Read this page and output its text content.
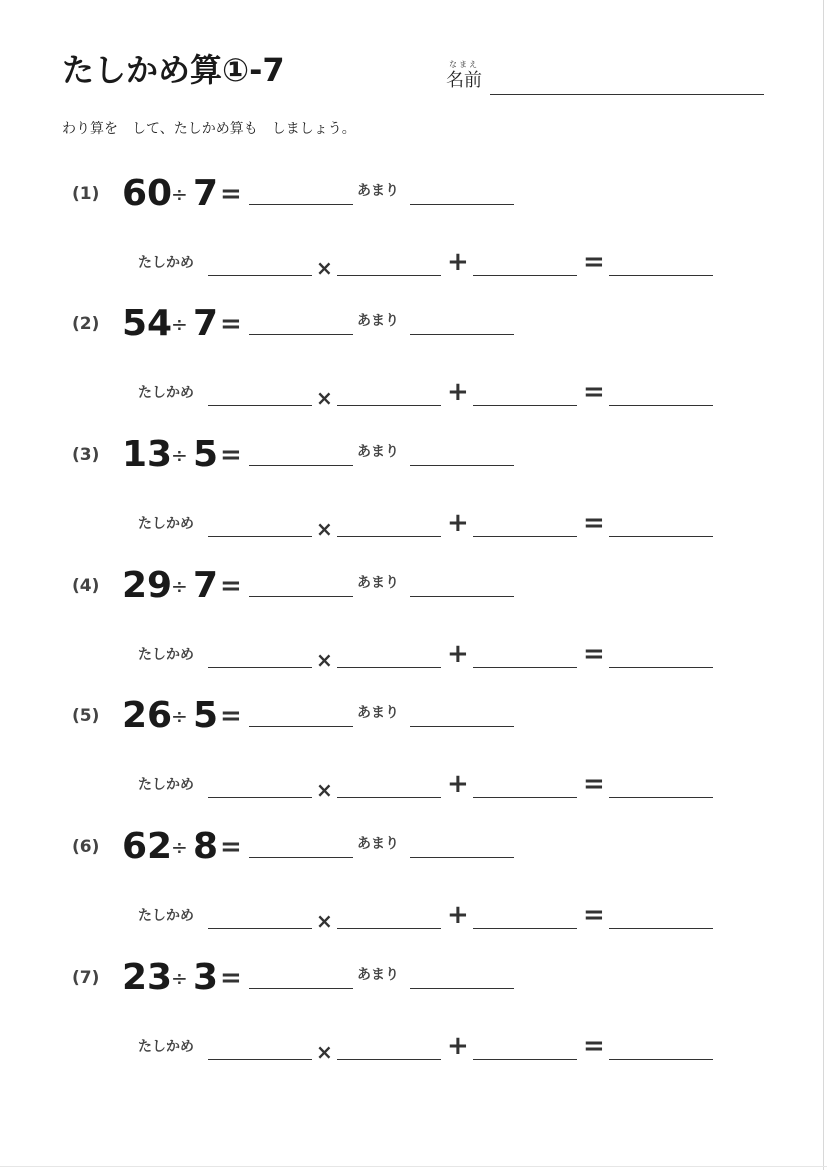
たしかめ算①-7	なまえ
名前
わり算を　して、たしかめ算も　しましょう。
(1) 60
÷ 7 =	あまり
たしかめ	×	+	=
(2) 54
÷ 7 =	あまり
たしかめ	×	+	=
(3) 13
÷ 5 =	あまり
たしかめ	×	+	=
(4) 29
÷ 7 =	あまり
たしかめ	×	+	=
(5) 26
÷ 5 =	あまり
たしかめ	×	+	=
(6) 62
÷ 8 =	あまり
たしかめ	×	+	=
(7) 23
÷ 3 =	あまり
たしかめ	×	+	=
